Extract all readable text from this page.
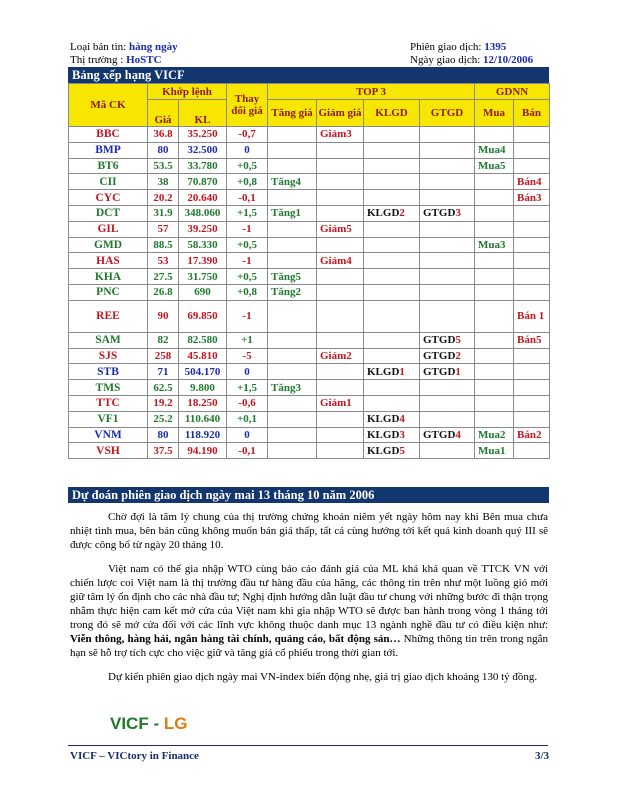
Loại bản tin: hàng ngày
Thị trường : HoSTC
Phiên giao dịch: 1395
Ngày giao dịch: 12/10/2006
Bảng xếp hạng VICF
Mã CK	Khớp lệnh		Thay đổi giá	TOP 3				GDNN	
	Giá	KL		Tăng giá	Giảm giá	KLGD	GTGD	Mua	Bán
BBC	36.8	35.250	-0,7		Giảm3				
BMP	80	32.500	0					Mua4	
BT6	53.5	33.780	+0,5					Mua5	
CII	38	70.870	+0,8	Tăng4					Bán4
CYC	20.2	20.640	-0,1						Bán3
DCT	31.9	348.060	+1,5	Tăng1		KLGD2	GTGD3		
GIL	57	39.250	-1		Giảm5				
GMD	88.5	58.330	+0,5					Mua3	
HAS	53	17.390	-1		Giảm4				
KHA	27.5	31.750	+0,5	Tăng5					
PNC	26.8	690	+0,8	Tăng2					
REE	90	69.850	-1						Bán 1
SAM	82	82.580	+1				GTGD5		Bán5
SJS	258	45.810	-5		Giảm2		GTGD2		
STB	71	504.170	0			KLGD1	GTGD1		
TMS	62.5	9.800	+1,5	Tăng3					
TTC	19.2	18.250	-0,6		Giảm1				
VF1	25.2	110.640	+0,1			KLGD4			
VNM	80	118.920	0			KLGD3	GTGD4	Mua2	Bán2
VSH	37.5	94.190	-0,1			KLGD5		Mua1	
Dự đoán phiên giao dịch ngày mai 13 tháng 10 năm 2006

Chờ đợi là tâm lý chung của thị trường chứng khoán niêm yết ngày hôm nay khi Bên mua chưa nhiệt tình mua, bên bán cũng không muốn bán giá thấp, tất cả cùng hướng tới kết quả kinh doanh quý III sẽ được công bố từ ngày 20 tháng 10.

Việt nam có thể gia nhập WTO cùng báo cáo đánh giá của ML khá khả quan về TTCK VN với chiến lược coi Việt nam là thị trường đầu tư hàng đầu của hãng, các thông tin trên như một luồng gió mới giữ tâm lý ổn định cho các nhà đầu tư; Nghị định hướng dẫn luật đầu tư chung với những bước đi thận trọng nhằm thực hiện cam kết mở cửa của Việt nam khi gia nhập WTO sẽ được ban hành trong vòng 1 tháng tới trong đó sẽ mở cửa đối với các lĩnh vực không thuộc danh mục 13 ngành nghề đầu tư có điều kiện như: Viễn thông, hàng hải, ngân hàng tài chính, quảng cáo, bất động sản… Những thông tin trên trong ngắn hạn sẽ hỗ trợ tích cực cho việc giữ và tăng giá cổ phiếu trong thời gian tới.

Dự kiến phiên giao dịch ngày mai VN-index biến động nhẹ, giá trị giao dịch khoảng 130 tỷ đồng.

VICF - LG
VICF – VICtory in Finance	3/3
